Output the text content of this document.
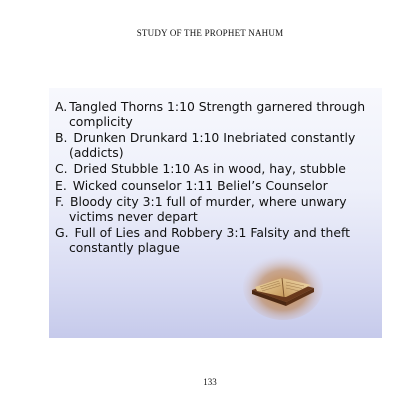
STUDY OF THE PROPHET NAHUM
A. Tangled Thorns 1:10 Strength garnered through complicity
B. Drunken Drunkard 1:10 Inebriated constantly (addicts)
C. Dried Stubble 1:10 As in wood, hay, stubble
E. Wicked counselor 1:11 Beliel’s Counselor
F. Bloody city 3:1 full of murder, where unwary victims never depart
G. Full of Lies and Robbery 3:1 Falsity and theft constantly plague
133
